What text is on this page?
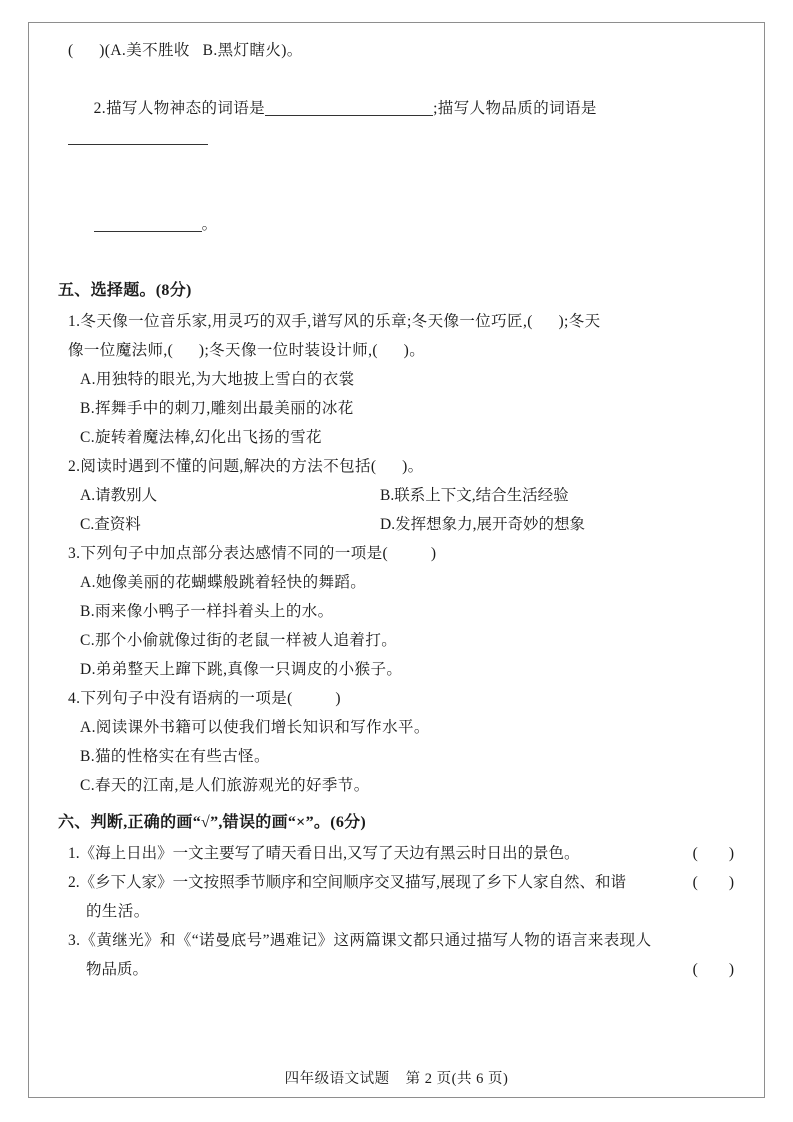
(      )(A.美不胜收   B.黑灯瞎火)。

2.描写人物神态的词语是	;描写人物品质的词语是

。

五、选择题。(8分)
1.冬天像一位音乐家,用灵巧的双手,谱写风的乐章;冬天像一位巧匠,(      );冬天
像一位魔法师,(      );冬天像一位时装设计师,(      )。
A.用独特的眼光,为大地披上雪白的衣裳
B.挥舞手中的刺刀,雕刻出最美丽的冰花
C.旋转着魔法棒,幻化出飞扬的雪花
2.阅读时遇到不懂的问题,解决的方法不包括(      )。
A.请教别人	B.联系上下文,结合生活经验
C.查资料	D.发挥想象力,展开奇妙的想象
3.下列句子中加点部分表达感情不同的一项是(          )
A.她像美丽的花蝴蝶般跳着轻快的舞蹈。
B.雨来像小鸭子一样抖着头上的水。
C.那个小偷就像过街的老鼠一样被人追着打。
D.弟弟整天上蹿下跳,真像一只调皮的小猴子。
4.下列句子中没有语病的一项是(          )
A.阅读课外书籍可以使我们增长知识和写作水平。
B.猫的性格实在有些古怪。
C.春天的江南,是人们旅游观光的好季节。
六、判断,正确的画“√”,错误的画“×”。(6分)
1.《海上日出》一文主要写了晴天看日出,又写了天边有黑云时日出的景色。	(        )
2.《乡下人家》一文按照季节顺序和空间顺序交叉描写,展现了乡下人家自然、和谐	(        )
的生活。
3.《黄继光》和《“诺曼底号”遇难记》这两篇课文都只通过描写人物的语言来表现人
物品质。	(        )
四年级语文试题 第 2 页(共 6 页)
